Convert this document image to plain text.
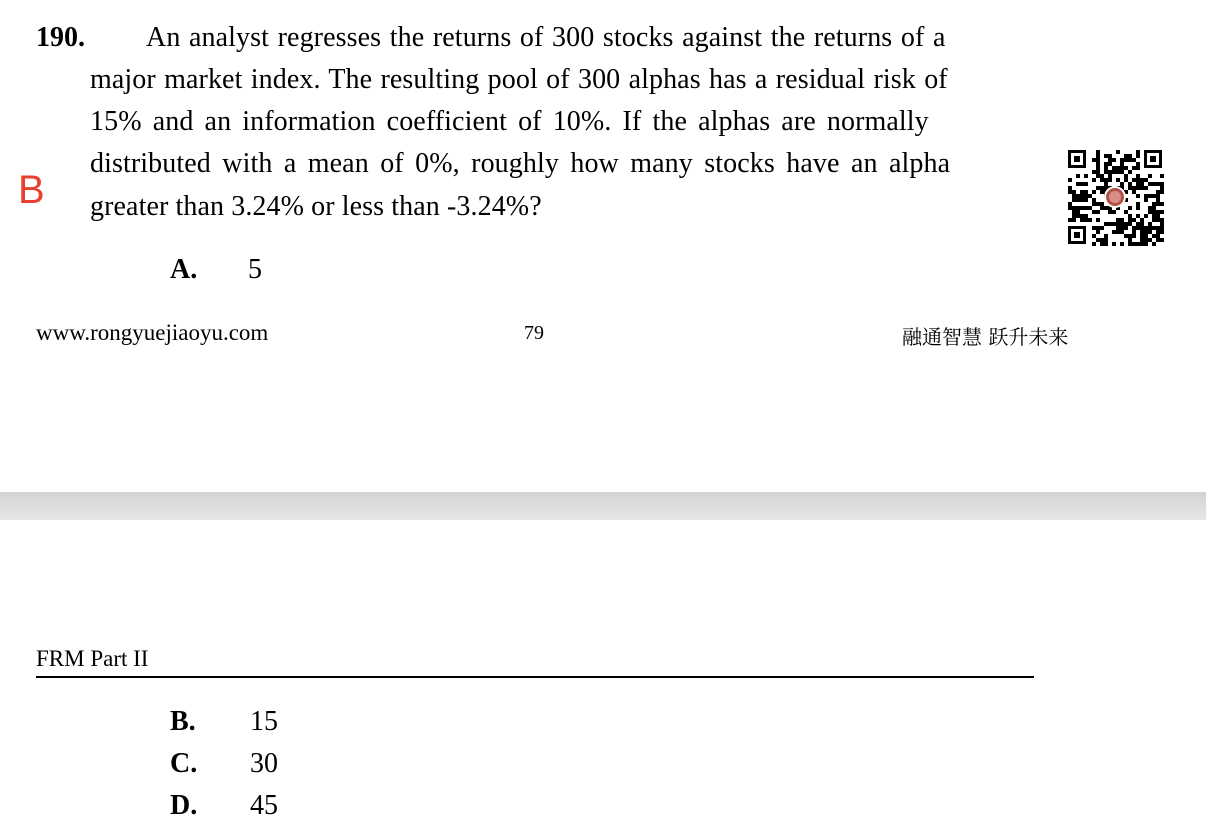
190. An analyst regresses the returns of 300 stocks against the returns of a
major market index. The resulting pool of 300 alphas has a residual risk of
15% and an information coefficient of 10%. If the alphas are normally
distributed with a mean of 0%, roughly how many stocks have an alpha
greater than 3.24% or less than -3.24%?
B
A. 5
www.rongyuejiaoyu.com	79	融通智慧 跃升未来
FRM Part II
B. 15
C. 30
D. 45
